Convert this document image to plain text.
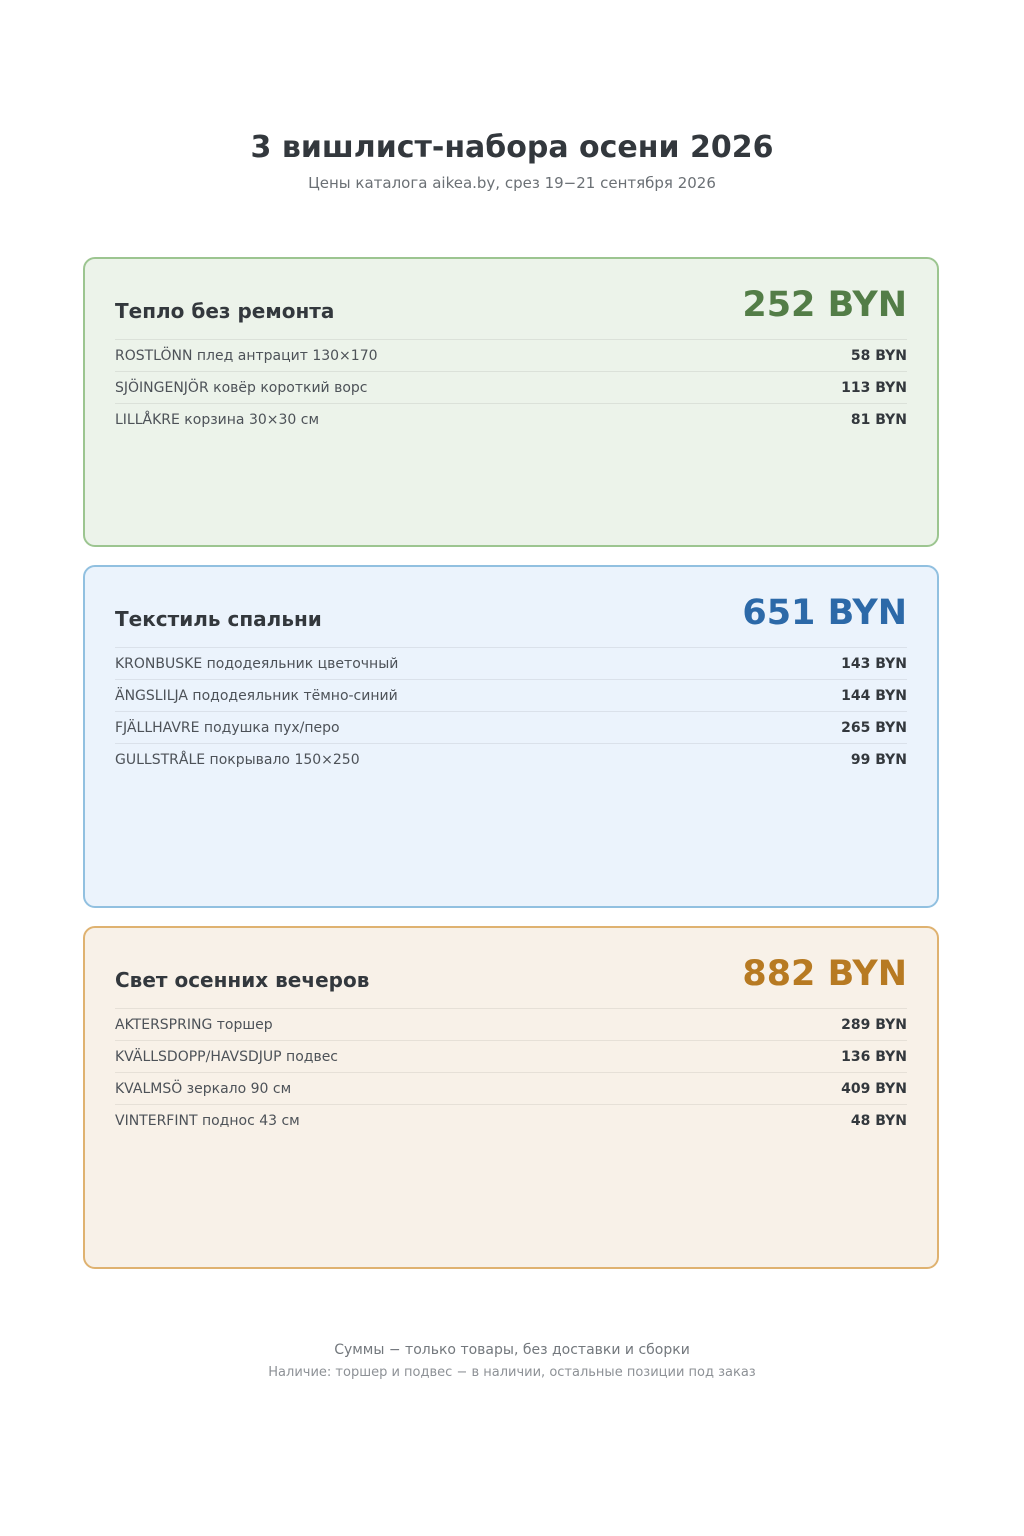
3 вишлист-набора осени 2026
Цены каталога aikea.by, срез 19−21 сентября 2026
Тепло без ремонта	252 BYN
ROSTLÖNN плед антрацит 130×170	58 BYN
SJÖINGENJÖR ковёр короткий ворс	113 BYN
LILLÅKRE корзина 30×30 см	81 BYN
Текстиль спальни	651 BYN
KRONBUSKE пододеяльник цветочный	143 BYN
ÄNGSLILJA пододеяльник тёмно-синий	144 BYN
FJÄLLHAVRE подушка пух/перо	265 BYN
GULLSTRÅLE покрывало 150×250	99 BYN
Свет осенних вечеров	882 BYN
AKTERSPRING торшер	289 BYN
KVÄLLSDOPP/HAVSDJUP подвес	136 BYN
KVALMSÖ зеркало 90 см	409 BYN
VINTERFINT поднос 43 см	48 BYN
Суммы − только товары, без доставки и сборки
Наличие: торшер и подвес − в наличии, остальные позиции под заказ
